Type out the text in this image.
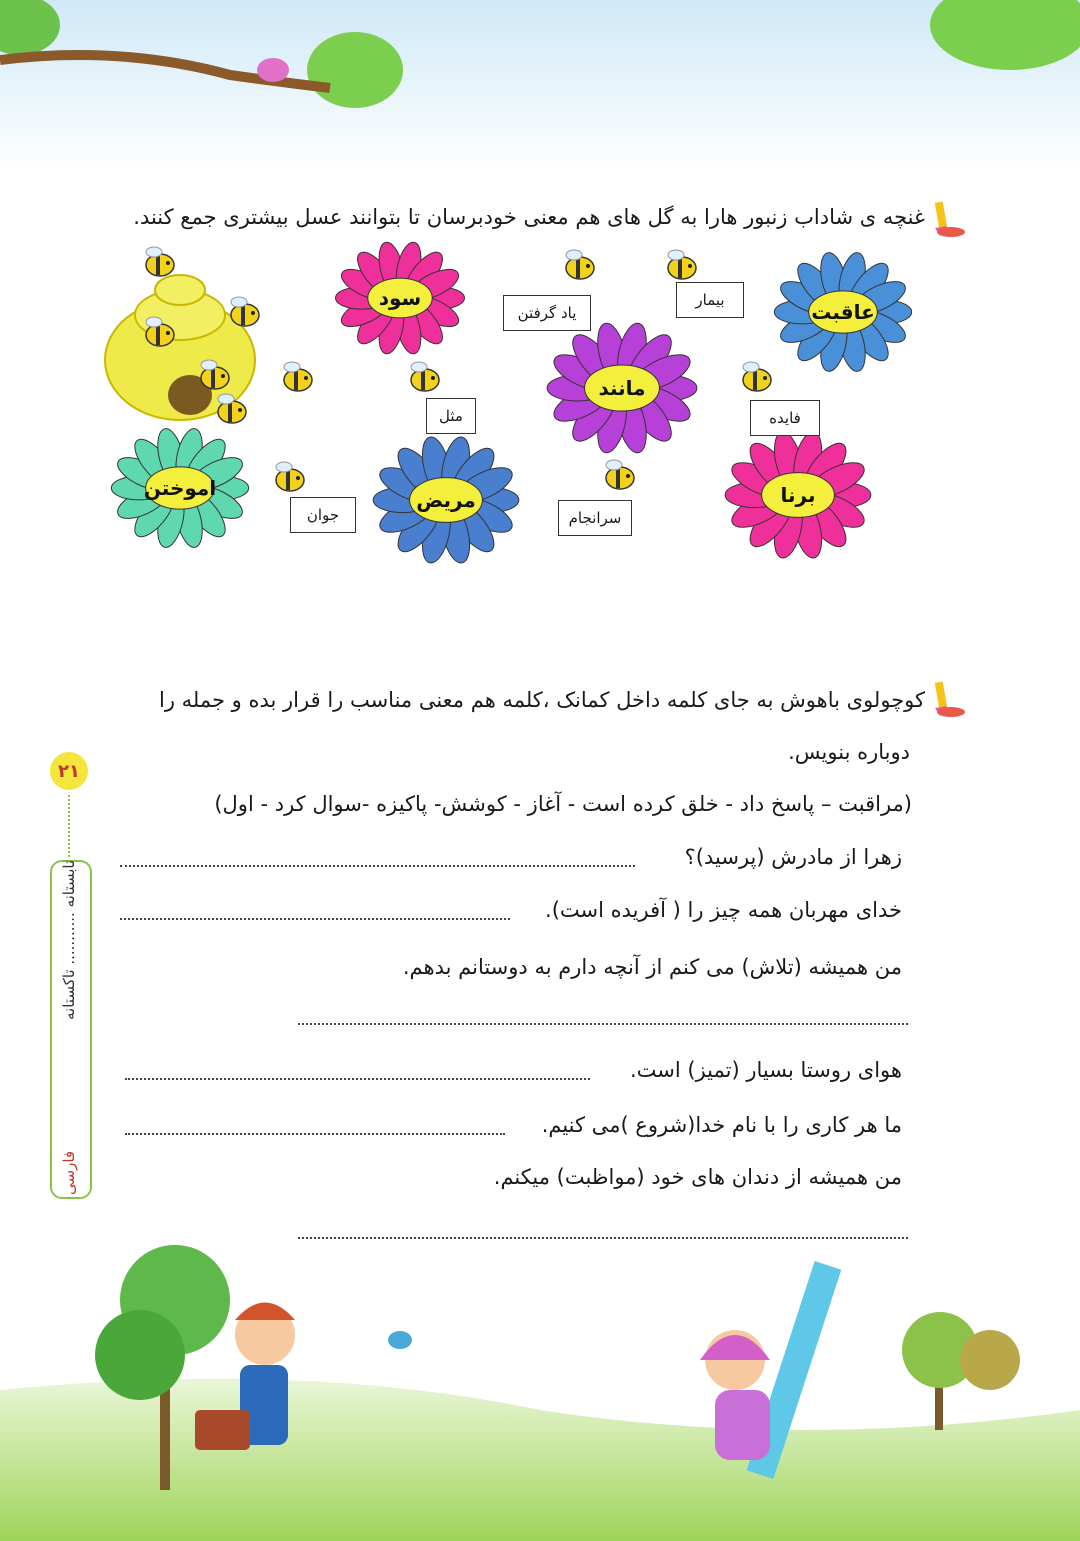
غنچه ی شاداب زنبور هارا به گل های هم معنی خودبرسان تا بتوانند عسل بیشتری جمع کنند.
عاقبت
سود
مانند
اموختن	مریض	برنا
بیمار
یاد گرفتن
فایده
مثل
جوان	سرانجام
کوچولوی باهوش به جای کلمه داخل کمانک ،کلمه هم معنی مناسب را قرار بده و جمله را
دوباره بنویس.
(مراقبت – پاسخ داد - خلق کرده است - آغاز - کوشش- پاکیزه -سوال کرد - اول)
زهرا از مادرش (پرسید)؟
خدای مهربان همه چیز را ( آفریده است).
من همیشه (تلاش) می کنم از آنچه دارم به دوستانم بدهم.
هوای روستا بسیار (تمیز) است.
ما هر کاری را با نام خدا(شروع )می کنیم.
من همیشه از دندان های خود (مواظبت) میکنم.
۲۱
تابستانه ........... تاکستانه
فارسی
